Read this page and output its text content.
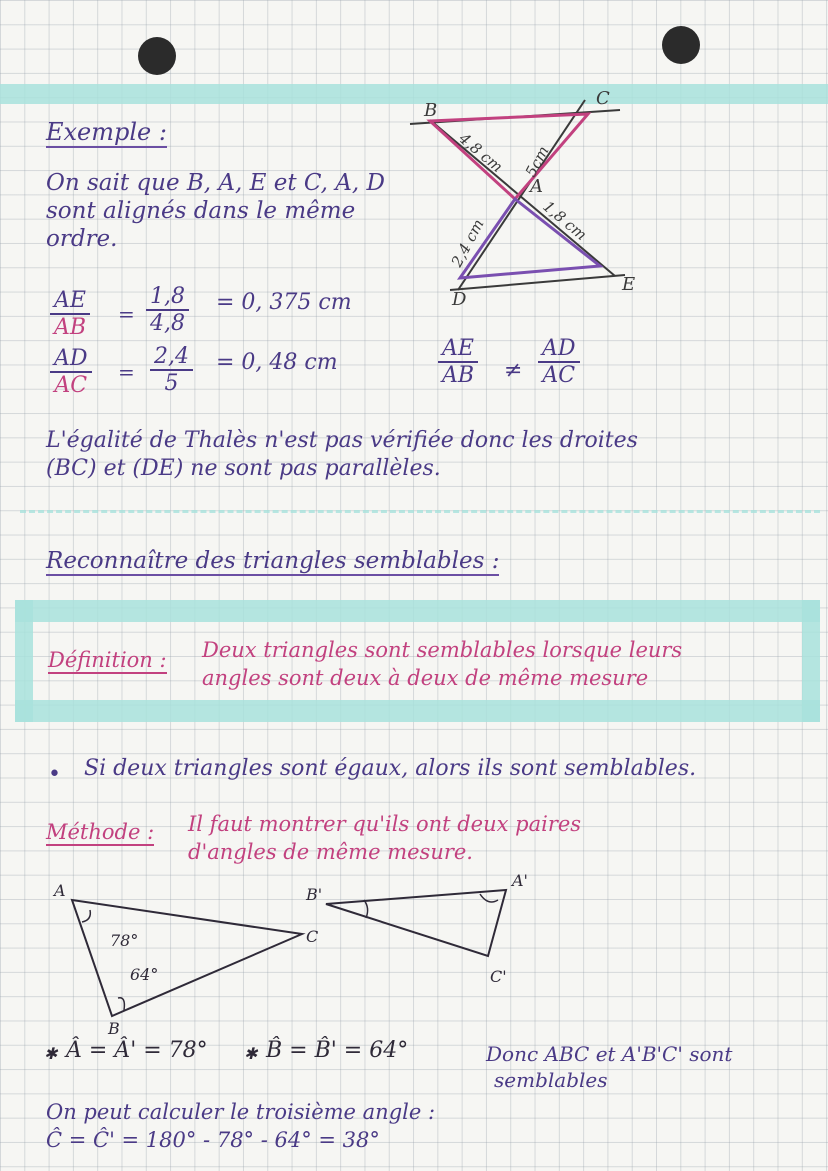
Exemple :
On sait que B, A, E et C, A, D
sont alignés dans le même
ordre.
B
C
A
D
E
4,8 cm 5cm
1,8 cm
2,4 cm
$\frac{AE}{AB} = \frac{1,8}{4,8} = 0$, 375 cm
$\frac{AD}{AC} = \frac{2,4}{5} = 0$, 48 cm	$\frac{AE}{AB} \ne \frac{AD}{AC}$
L'égalité de Thalès n'est pas vérifiée donc les droites
(BC) et (DE) ne sont pas parallèles.
Reconnaître des triangles semblables :
Définition : Deux triangles sont semblables lorsque leurs
angles sont deux à deux de même mesure
• Si deux triangles sont égaux, alors ils sont semblables.
Méthode : Il faut montrer qu'ils ont deux paires
d'angles de même mesure.
A
C
B
78°
64°
B'
A'
C'
✱ Â = Â' = 78° ✱ B̂ = B̂' = 64°	Donc ABC et A'B'C' sont
semblables
On peut calculer le troisième angle :
Ĉ = Ĉ' = 180° - 78° - 64° = 38°
